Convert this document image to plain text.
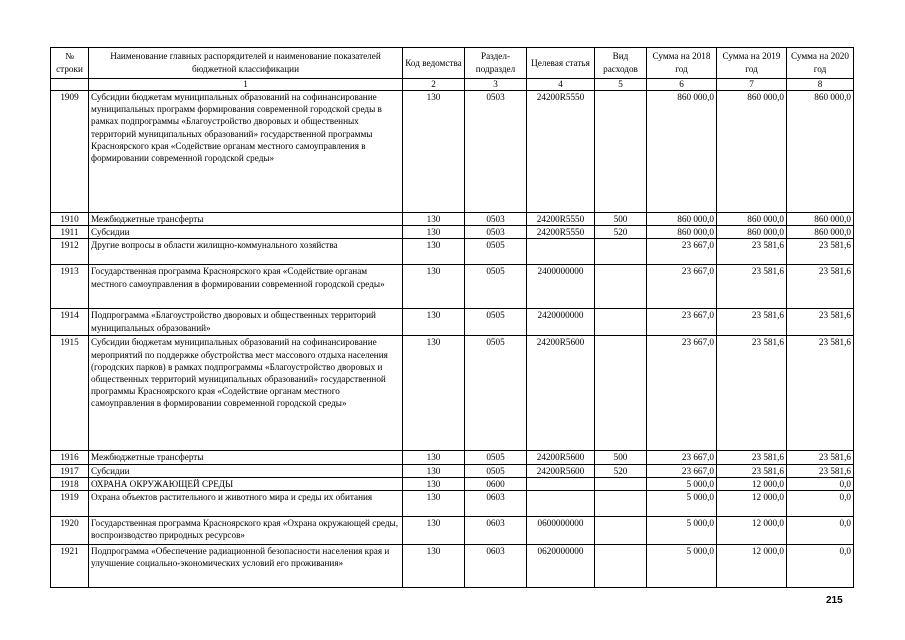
№ строки	Наименование главных распорядителей и наименование показателей бюджетной классификации	Код ведомства	Раздел-подраздел	Целевая статья	Вид расходов	Сумма на 2018 год	Сумма на 2019 год	Сумма на 2020 год
	1	2	3	4	5	6	7	8
1909	Субсидии бюджетам муниципальных образований на софинансирование муниципальных программ формирования современной городской среды в рамках подпрограммы «Благоустройство дворовых и общественных территорий муниципальных образований» государственной программы Красноярского края «Содействие органам местного самоуправления в формировании современной городской среды»	130	0503	24200R5550		860 000,0	860 000,0	860 000,0
1910	Межбюджетные трансферты	130	0503	24200R5550	500	860 000,0	860 000,0	860 000,0
1911	Субсидии	130	0503	24200R5550	520	860 000,0	860 000,0	860 000,0
1912	Другие вопросы в области жилищно-коммунального хозяйства	130	0505			23 667,0	23 581,6	23 581,6
1913	Государственная программа Красноярского края «Содействие органам местного самоуправления в формировании современной городской среды»	130	0505	2400000000		23 667,0	23 581,6	23 581,6
1914	Подпрограмма «Благоустройство дворовых и общественных территорий муниципальных образований»	130	0505	2420000000		23 667,0	23 581,6	23 581,6
1915	Субсидии бюджетам муниципальных образований на софинансирование мероприятий по поддержке обустройства мест массового отдыха населения (городских парков) в рамках подпрограммы «Благоустройство дворовых и общественных территорий муниципальных образований» государственной программы Красноярского края «Содействие органам местного самоуправления в формировании современной городской среды»	130	0505	24200R5600		23 667,0	23 581,6	23 581,6
1916	Межбюджетные трансферты	130	0505	24200R5600	500	23 667,0	23 581,6	23 581,6
1917	Субсидии	130	0505	24200R5600	520	23 667,0	23 581,6	23 581,6
1918	ОХРАНА ОКРУЖАЮЩЕЙ СРЕДЫ	130	0600			5 000,0	12 000,0	0,0
1919	Охрана объектов растительного и животного мира и среды их обитания	130	0603			5 000,0	12 000,0	0,0
1920	Государственная программа Красноярского края «Охрана окружающей среды, воспроизводство природных ресурсов»	130	0603	0600000000		5 000,0	12 000,0	0,0
1921	Подпрограмма «Обеспечение радиационной безопасности населения края и улучшение социально-экономических условий его проживания»	130	0603	0620000000		5 000,0	12 000,0	0,0
215
